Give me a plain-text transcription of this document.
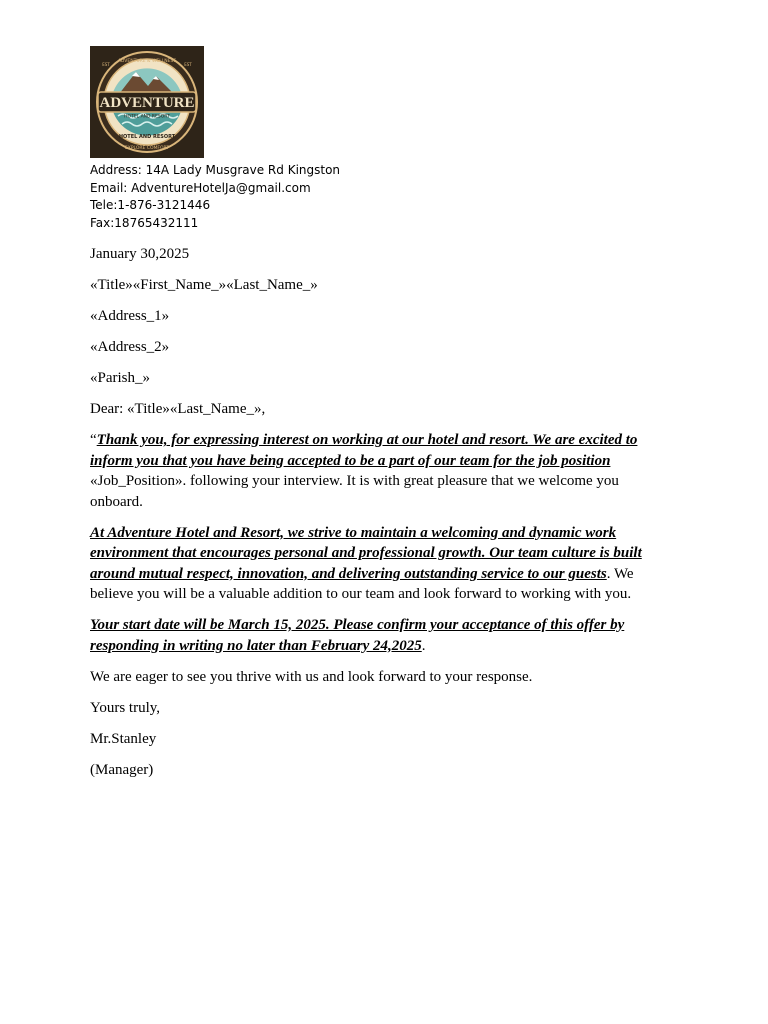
ADVENTURE
HOTEL AND RESORT
ADVENTURE & WELLNESS
HOTEL AND RESORT
EXPLORE COMFORT
EST	EST
Address: 14A Lady Musgrave Rd Kingston
Email: AdventureHotelJa@gmail.com
Tele:1-876-3121446
Fax:18765432111

January 30,2025

«Title»«First_Name_»«Last_Name_»

«Address_1»

«Address_2»

«Parish_»

Dear: «Title»«Last_Name_»,

“Thank you, for expressing interest on working at our hotel and resort. We are excited to inform you that you have being accepted to be a part of our team for the job position «Job_Position». following your interview. It is with great pleasure that we welcome you onboard.

At Adventure Hotel and Resort, we strive to maintain a welcoming and dynamic work environment that encourages personal and professional growth. Our team culture is built around mutual respect, innovation, and delivering outstanding service to our guests. We believe you will be a valuable addition to our team and look forward to working with you.

Your start date will be March 15, 2025. Please confirm your acceptance of this offer by responding in writing no later than February 24,2025.

We are eager to see you thrive with us and look forward to your response.

Yours truly,

Mr.Stanley

(Manager)
